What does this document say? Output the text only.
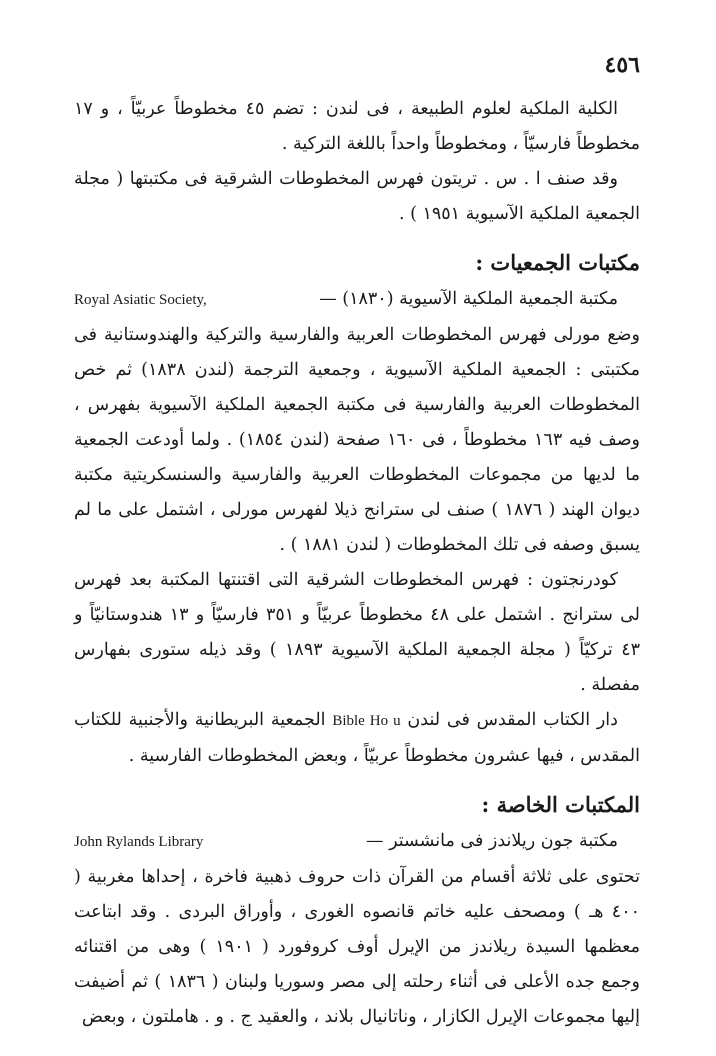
٤٥٦

الكلية الملكية لعلوم الطبيعة ، فى لندن : تضم ٤٥ مخطوطاً عربيّاً ، و ١٧ مخطوطاً فارسيّاً ، ومخطوطاً واحداً باللغة التركية .

وقد صنف ا . س . تريتون فهرس المخطوطات الشرقية فى مكتبتها ( مجلة الجمعية الملكية الآسيوية ١٩٥١ ) .

مكتبات الجمعيات :
مكتبة الجمعية الملكية الآسيوية (١٨٣٠) —
Royal Asiatic Society,

وضع مورلى فهرس المخطوطات العربية والفارسية والتركية والهندوستانية فى مكتبتى : الجمعية الملكية الآسيوية ، وجمعية الترجمة (لندن ١٨٣٨) ثم خص المخطوطات العربية والفارسية فى مكتبة الجمعية الملكية الآسيوية بفهرس ، وصف فيه ١٦٣ مخطوطاً ، فى ١٦٠ صفحة (لندن ١٨٥٤) . ولما أودعت الجمعية ما لديها من مجموعات المخطوطات العربية والفارسية والسنسكريتية مكتبة ديوان الهند ( ١٨٧٦ ) صنف لى سترانج ذيلا لفهرس مورلى ، اشتمل على ما لم يسبق وصفه فى تلك المخطوطات ( لندن ١٨٨١ ) .

كودرنجتون : فهرس المخطوطات الشرقية التى اقتنتها المكتبة بعد فهرس لى سترانج . اشتمل على ٤٨ مخطوطاً عربيّاً و ٣٥١ فارسيّاً و ١٣ هندوستانيّاً و ٤٣ تركيّاً ( مجلة الجمعية الملكية الآسيوية ١٨٩٣ ) وقد ذيله ستورى بفهارس مفصلة .

دار الكتاب المقدس فى لندن Bible Ho u الجمعية البريطانية والأجنبية للكتاب المقدس ، فيها عشرون مخطوطاً عربيّاً ، وبعض المخطوطات الفارسية .

المكتبات الخاصة :
مكتبة جون ريلاندز فى مانشستر —
John Rylands Library

تحتوى على ثلاثة أقسام من القرآن ذات حروف ذهبية فاخرة ، إحداها مغربية ( ٤٠٠ هـ ) ومصحف عليه خاتم قانصوه الغورى ، وأوراق البردى . وقد ابتاعت معظمها السيدة ريلاندز من الإيرل أوف كروفورد ( ١٩٠١ ) وهى من اقتنائه وجمع جده الأعلى فى أثناء رحلته إلى مصر وسوريا ولبنان ( ١٨٣٦ ) ثم أضيفت إليها مجموعات الإيرل الكازار ، وناتانيال بلاند ، والعقيد ج . و . هاملتون ، وبعض
